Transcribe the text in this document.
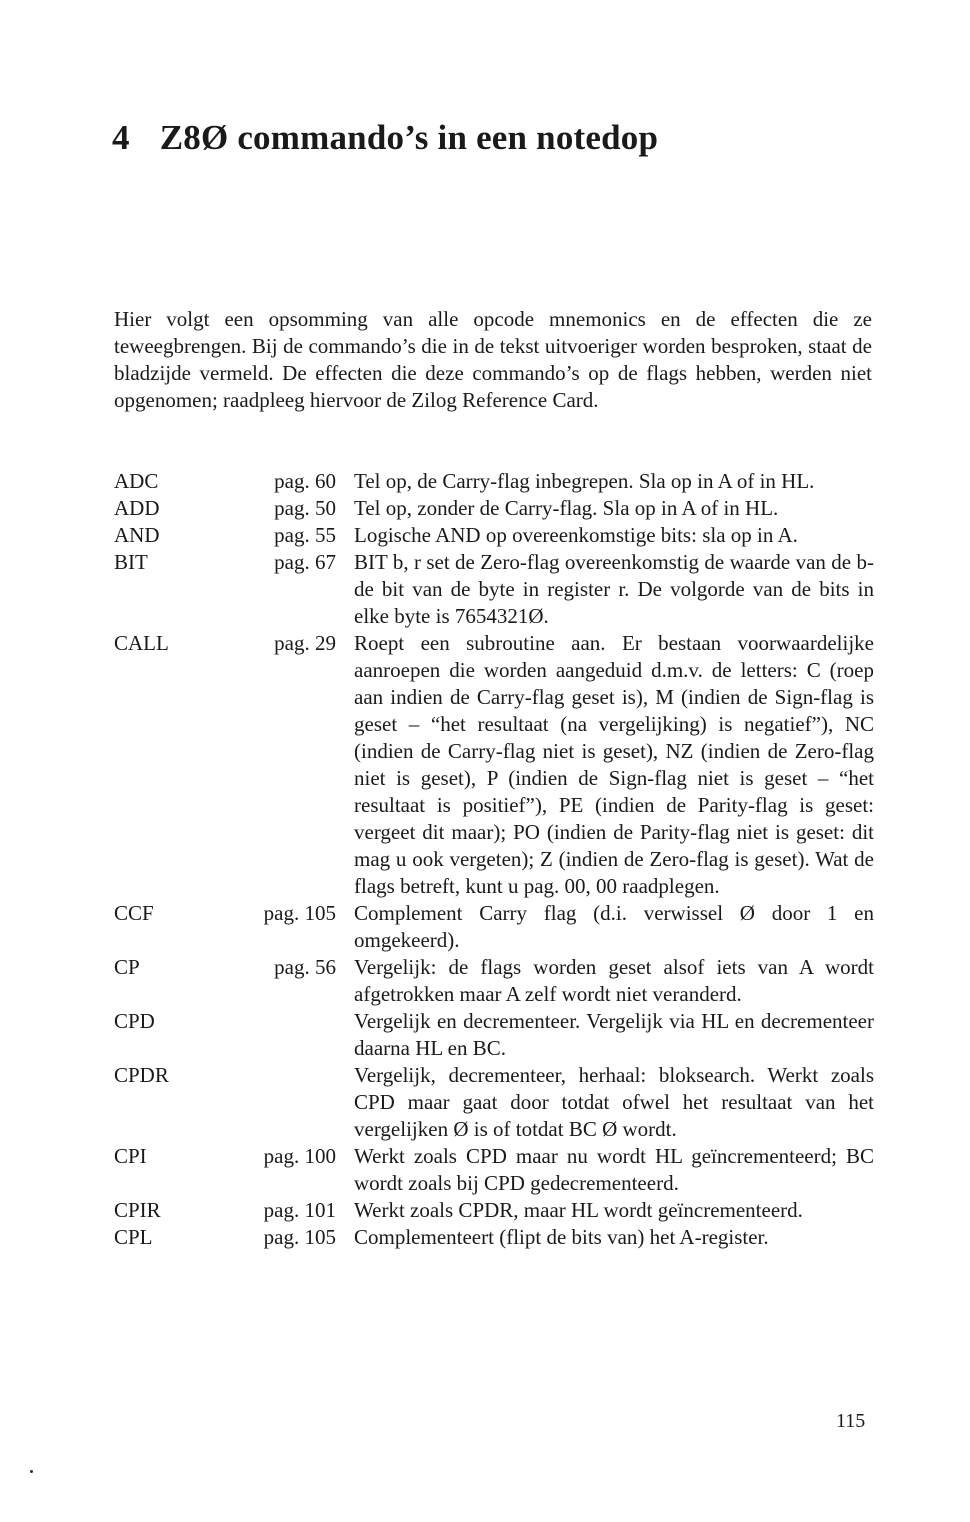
4 Z8Ø commando’s in een notedop

Hier volgt een opsomming van alle opcode mnemonics en de effecten die ze teweegbrengen. Bij de commando’s die in de tekst uitvoeriger worden besproken, staat de bladzijde vermeld. De effecten die deze commando’s op de flags hebben, werden niet opgenomen; raadpleeg hiervoor de Zilog Reference Card.

ADC	pag. 60 Tel op, de Carry-flag inbegrepen. Sla op in A of in HL.
ADD	pag. 50 Tel op, zonder de Carry-flag. Sla op in A of in HL.
AND	pag. 55 Logische AND op overeenkomstige bits: sla op in A.
BIT	pag. 67 BIT b, r set de Zero-flag overeenkomstig de waarde van de b-de bit van de byte in register r. De volgorde van de bits in elke byte is 7654321Ø.
CALL	pag. 29 Roept een subroutine aan. Er bestaan voorwaardelijke aanroepen die worden aangeduid d.m.v. de letters: C (roep aan indien de Carry-flag geset is), M (indien de Sign-flag is geset – “het resultaat (na vergelijking) is negatief”), NC (indien de Carry-flag niet is geset), NZ (indien de Zero-flag niet is geset), P (indien de Sign-flag niet is geset – “het resultaat is positief”), PE (indien de Parity-flag is geset: vergeet dit maar); PO (indien de Parity-flag niet is geset: dit mag u ook vergeten); Z (indien de Zero-flag is geset). Wat de flags betreft, kunt u pag. 00, 00 raadplegen.
CCF	pag. 105 Complement Carry flag (d.i. verwissel Ø door 1 en omgekeerd).
CP	pag. 56 Vergelijk: de flags worden geset alsof iets van A wordt afgetrokken maar A zelf wordt niet veranderd.
CPD	Vergelijk en decrementeer. Vergelijk via HL en decrementeer daarna HL en BC.
CPDR	Vergelijk, decrementeer, herhaal: bloksearch. Werkt zoals CPD maar gaat door totdat ofwel het resultaat van het vergelijken Ø is of totdat BC Ø wordt.
CPI	pag. 100 Werkt zoals CPD maar nu wordt HL geïncrementeerd; BC wordt zoals bij CPD gedecrementeerd.
CPIR	pag. 101 Werkt zoals CPDR, maar HL wordt geïncrementeerd.
CPL	pag. 105 Complementeert (flipt de bits van) het A-register.
115
